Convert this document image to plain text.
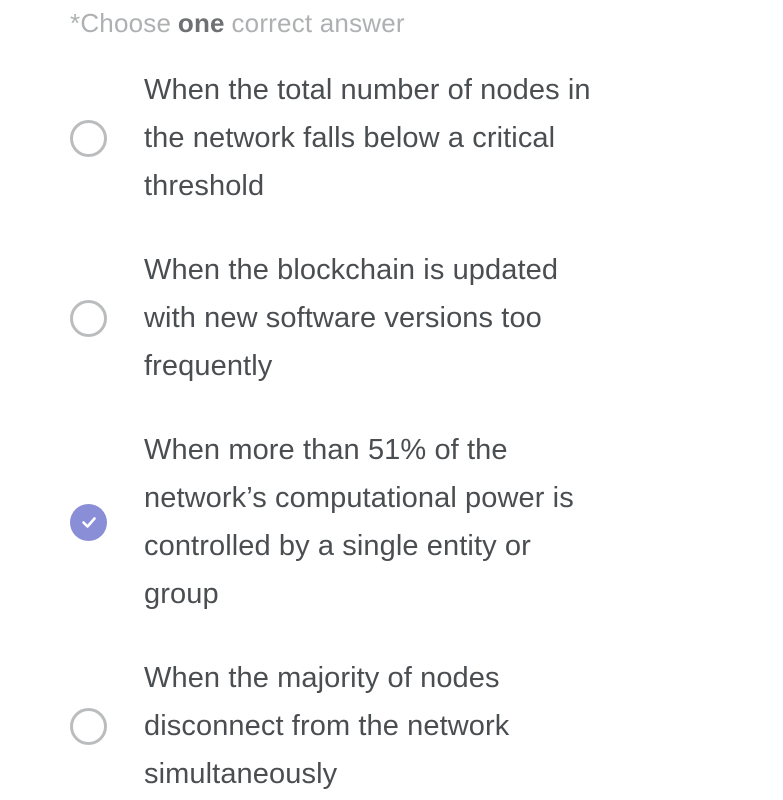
*Choose one correct answer
When the total number of nodes in
the network falls below a critical
threshold
When the blockchain is updated
with new software versions too
frequently
When more than 51% of the
network’s computational power is
controlled by a single entity or
group
When the majority of nodes
disconnect from the network
simultaneously
